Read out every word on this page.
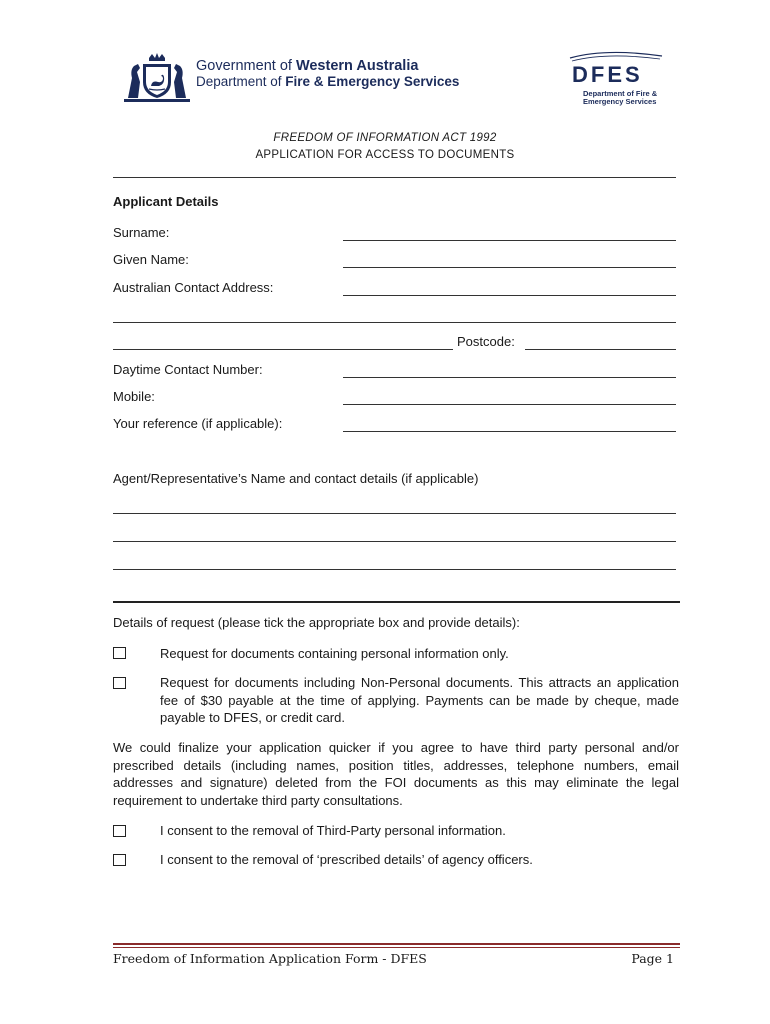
Government of Western Australia
Department of Fire & Emergency Services	DFES
Department of Fire &
Emergency Services
FREEDOM OF INFORMATION ACT 1992
APPLICATION FOR ACCESS TO DOCUMENTS
Applicant Details
Surname:
Given Name:
Australian Contact Address:
Postcode:
Daytime Contact Number:
Mobile:
Your reference (if applicable):
Agent/Representative’s Name and contact details (if applicable)
Details of request (please tick the appropriate box and provide details):
Request for documents containing personal information only.
Request for documents including Non-Personal documents. This attracts an application fee of $30 payable at the time of applying. Payments can be made by cheque, made payable to DFES, or credit card.
We could finalize your application quicker if you agree to have third party personal and/or prescribed details (including names, position titles, addresses, telephone numbers, email addresses and signature) deleted from the FOI documents as this may eliminate the legal requirement to undertake third party consultations.
I consent to the removal of Third-Party personal information.
I consent to the removal of ‘prescribed details’ of agency officers.
Freedom of Information Application Form - DFES	Page 1
